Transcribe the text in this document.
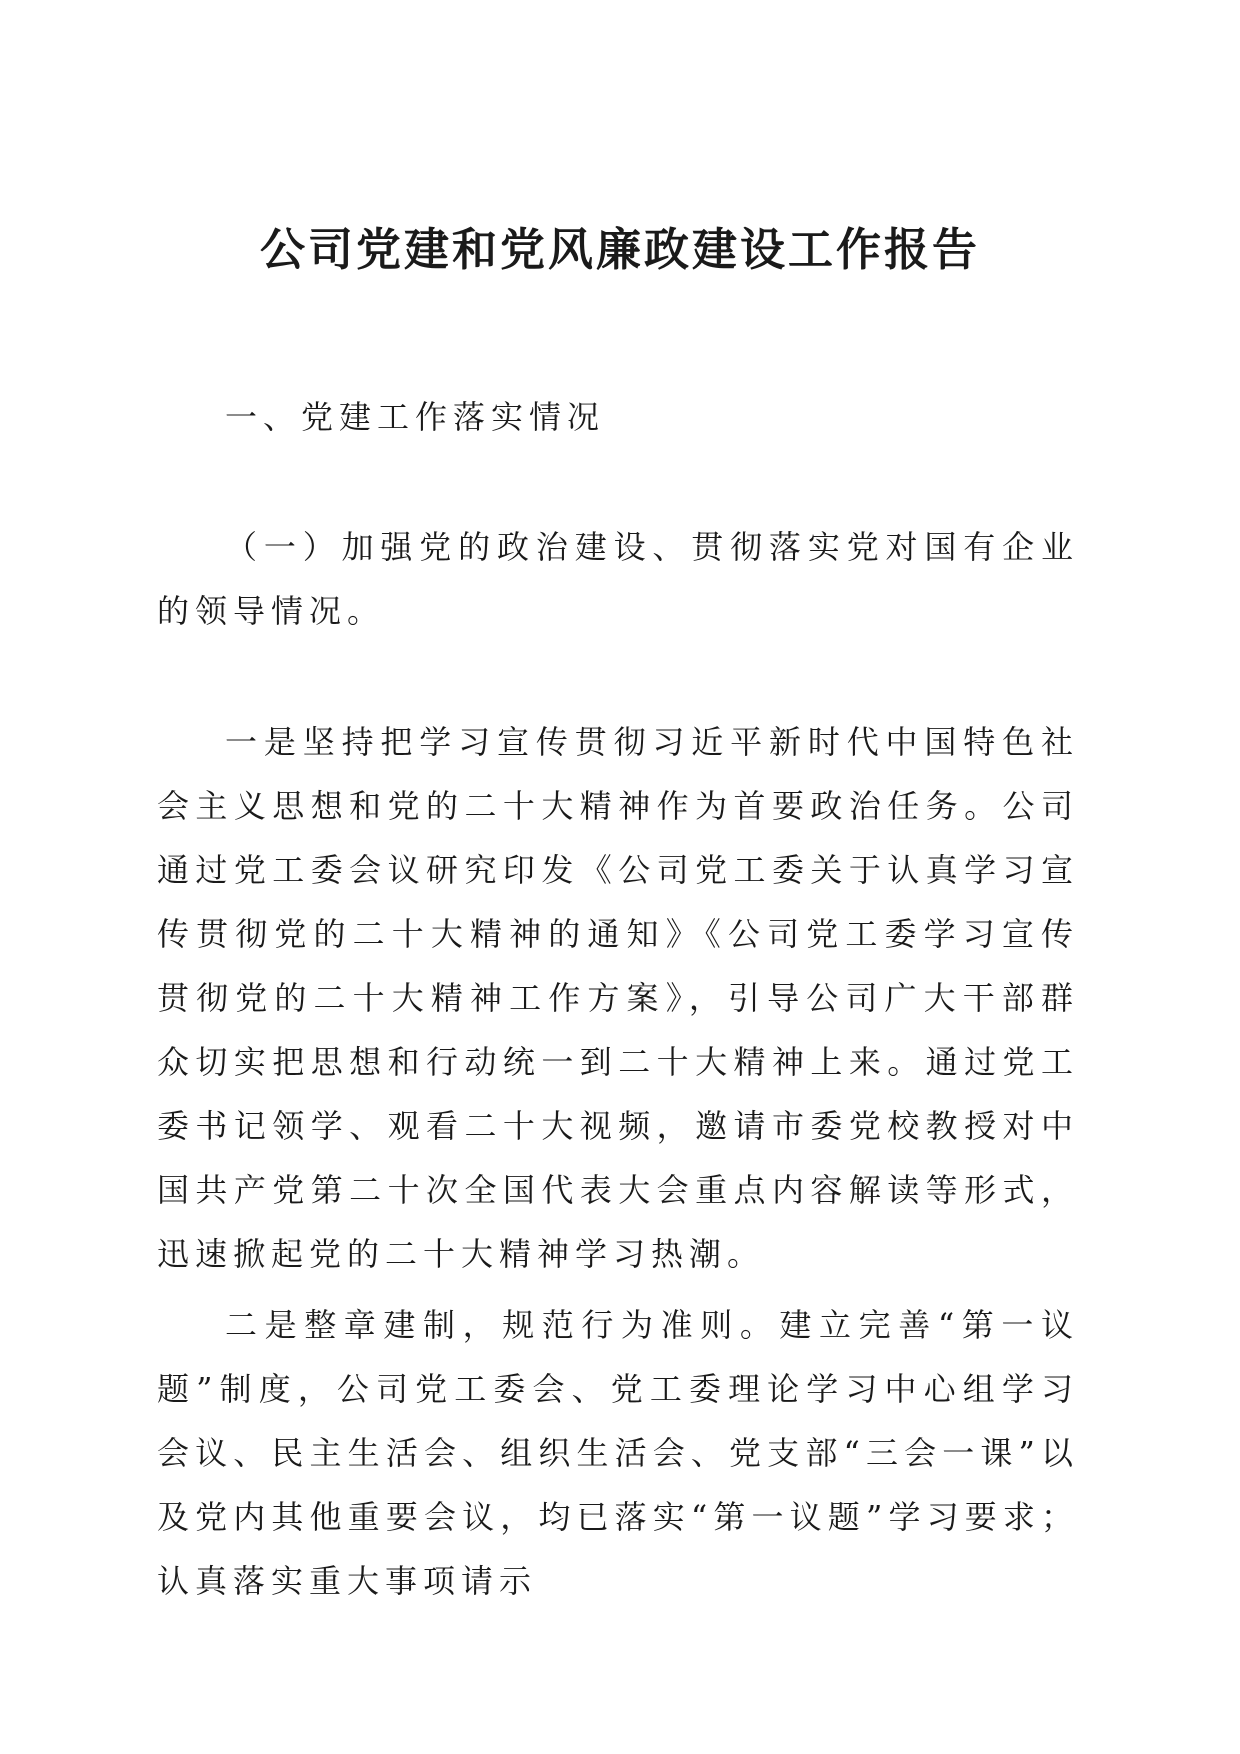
公司党建和党风廉政建设工作报告

一、党建工作落实情况

（一）加强党的政治建设、贯彻落实党对国有企业的领导情况。

一是坚持把学习宣传贯彻习近平新时代中国特色社会主义思想和党的二十大精神作为首要政治任务。公司通过党工委会议研究印发《公司党工委关于认真学习宣传贯彻党的二十大精神的通知》《公司党工委学习宣传贯彻党的二十大精神工作方案》，引导公司广大干部群众切实把思想和行动统一到二十大精神上来。通过党工委书记领学、观看二十大视频，邀请市委党校教授对中国共产党第二十次全国代表大会重点内容解读等形式，迅速掀起党的二十大精神学习热潮。

二是整章建制，规范行为准则。建立完善“第一议题”制度，公司党工委会、党工委理论学习中心组学习会议、民主生活会、组织生活会、党支部“三会一课”以及党内其他重要会议，均已落实“第一议题”学习要求；认真落实重大事项请示
